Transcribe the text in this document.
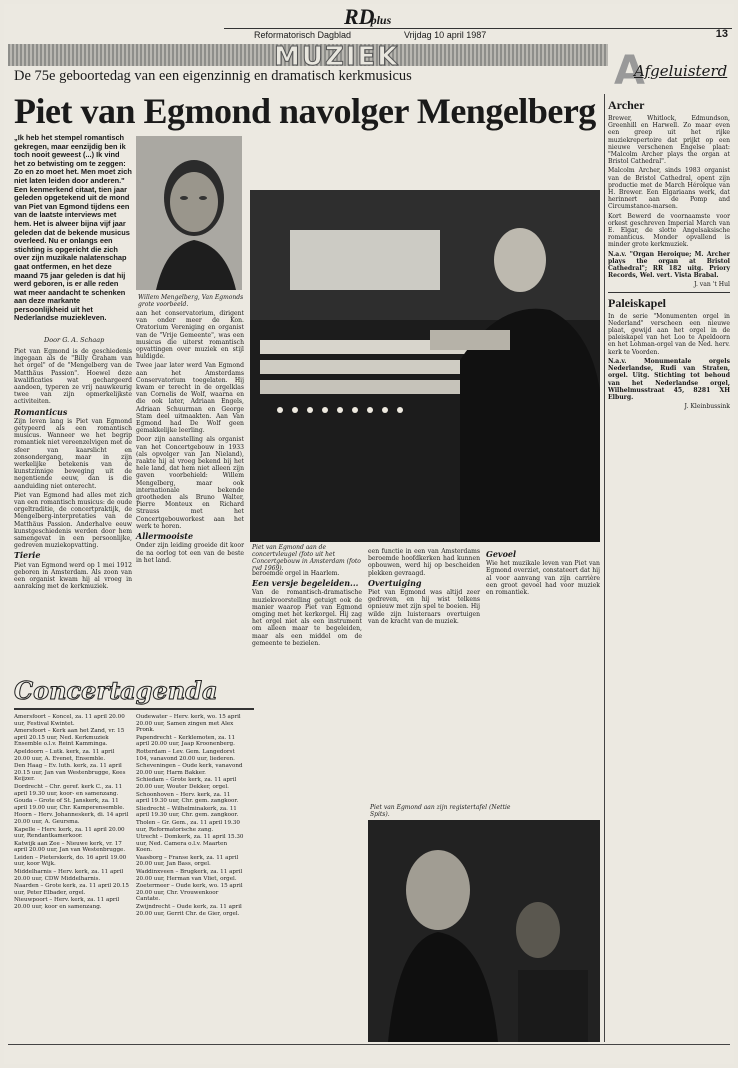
RDplus
Reformatorisch Dagblad	Vrijdag 10 april 1987	13
MUZIEK	A
Afgeluisterd
De 75e geboortedag van een eigenzinnig en dramatisch kerkmusicus
Piet van Egmond navolger Mengelberg
„Ik heb het stempel romantisch gekregen, maar eenzijdig ben ik toch nooit geweest (...) Ik vind het zo betwisting om te zeggen: Zo en zo moet het. Men moet zich niet laten leiden door anderen." Een kenmerkend citaat, tien jaar geleden opgetekend uit de mond van Piet van Egmond tijdens een van de laatste interviews met hem. Het is alweer bijna vijf jaar geleden dat de bekende musicus overleed. Nu er onlangs een stichting is opgericht die zich over zijn muzikale nalatenschap gaat ontfermen, en het deze maand 75 jaar geleden is dat hij werd geboren, is er alle reden wat meer aandacht te schenken aan deze markante persoonlijkheid uit het Nederlandse muziekleven.
Door G. A. Schaap
Willem Mengelberg, Van Egmonds grote voorbeeld.
Piet van Egmond aan de concertvleugel (foto uit het Concertgebouw in Amsterdam (foto rvd 1969).
Piet van Egmond aan zijn registertafel (Nettie Spits).

Piet van Egmond is de geschiedenis ingegaan als de "Billy Graham van het orgel" of de "Mengelberg van de Matthäus Passion". Hoewel deze kwalificaties wat gechargeerd aandoen, typeren ze vrij nauwkeurig twee van zijn opmerkelijkste activiteiten.

Romanticus

Zijn leven lang is Piet van Egmond getypeerd als een romantisch musicus. Wanneer we het begrip romantiek niet vereenzelvigen met de sfeer van kaarslicht en zonsondergang, maar in zijn werkelijke betekenis van de kunstzinnige beweging uit de negentiende eeuw, dan is die aanduiding niet onterecht.

Piet van Egmond had alles met zich van een romantisch musicus: de oude orgeltraditie, de concertpraktijk, de Mengelberg-interpretaties van de Matthäus Passion. Anderhalve eeuw kunstgeschiedenis werden door hem samengevat in een persoonlijke, gedreven muziekopvatting.

Tierie

Piet van Egmond werd op 1 mei 1912 geboren in Amsterdam. Als zoon van een organist kwam hij al vroeg in aanraking met de kerkmuziek.

aan het conservatorium, dirigent van onder meer de Kon. Oratorium Vereniging en organist van de "Vrije Gemeente", was een musicus die uiterst romantisch opvattingen over muziek en stijl huldigde.

Twee jaar later werd Van Egmond aan het Amsterdams Conservatorium toegelaten. Hij kwam er terecht in de orgelklas van Cornelis de Wolf, waarna en die ook later, Adriaan Engels, Adriaan Schuurman en George Stam deel uitmaakten. Aan Van Egmond had De Wolf geen gemakkelijke leerling.

Door zijn aanstelling als organist van het Concertgebouw in 1933 (als opvolger van Jan Nieland), raakte hij al vroeg bekend bij het hele land, dat hem niet alleen zijn gaven voorbehield: Willem Mengelberg, maar ook internationale bekende grootheden als Bruno Walter, Pierre Monteux en Richard Strauss met het Concertgebouworkest aan het werk te horen.

Allermooiste

Onder zijn leiding groeide dit koor de na oorlog tot een van de beste in het land.

beroemde orgel in Haarlem.

Een versje begeleiden...

Van de romantisch-dramatische muziekvoorstelling getuigt ook de manier waarop Piet van Egmond omging met het kerkorgel. Hij zag het orgel niet als een instrument om alleen maar te begeleiden, maar als een middel om de gemeente te bezielen.

een functie in een van Amsterdams beroemde hoofdkerken had kunnen opbouwen, werd hij op bescheiden plekken gevraagd.

Overtuiging

Piet van Egmond was altijd zeer gedreven, en hij wist telkens opnieuw met zijn spel te boeien. Hij wilde zijn luisteraars overtuigen van de kracht van de muziek.

Gevoel

Wie het muzikale leven van Piet van Egmond overziet, constateert dat hij al voor aanvang van zijn carrière een groot gevoel had voor muziek en romantiek.

Concertagenda

Amersfoort – Koncel, za. 11 april 20.00 uur, Festival Kwintet.

Amersfoort – Kerk aan het Zand, vr. 15 april 20.15 uur, Ned. Kerkmuziek Ensemble o.l.v. Reint Kamminga.

Apeldoorn – Lutk. kerk, za. 11 april 20.00 uur, A. Evenet, Ensemble.

Den Haag – Ev. luth. kerk, za. 11 april 20.15 uur, Jan van Westenbrugge, Kees Keijzer.

Dordrecht – Chr. geref. kerk C., za. 11 april 19.30 uur, koor- en samenzang.

Gouda – Grote of St. Janskerk, za. 11 april 19.00 uur, Chr. Kamperensemble.

Hoorn – Herv. Johanneskerk, di. 14 april 20.00 uur, A. Geursma.

Kapelle – Herv. kerk, za. 11 april 20.00 uur, Rendantkamerkoor.

Katwijk aan Zee – Nieuwe kerk, vr. 17 april 20.00 uur, Jan van Westenbrugge.

Leiden – Pieterskerk, do. 16 april 19.00 uur, koor Wijk.

Middelharnis – Herv. kerk, za. 11 april 20.00 uur, CDW Middelharnis.

Naarden – Grote kerk, za. 11 april 20.15 uur, Peter Elbader, orgel.

Nieuwpoort – Herv. kerk, za. 11 april 20.00 uur, koor en samenzang.

Oudewater – Herv. kerk, wo. 15 april 20.00 uur, Samen zingen met Alex Pronk.

Papendrecht – Kerklemoten, za. 11 april 20.00 uur, Jaap Kroonenberg.

Rotterdam – Lev. Gem. Langedorst 104, vanavond 20.00 uur, liederen.

Scheveningen – Oude kerk, vanavond 20.00 uur, Harm Bakker.

Schiedam – Grote kerk, za. 11 april 20.00 uur, Wouter Dekker, orgel.

Schoonhoven – Herv. kerk, za. 11 april 19.30 uur, Chr. gem. zangkoor.

Sliedrecht – Wilhelminakerk, za. 11 april 19.30 uur, Chr. gem. zangkoor.

Tholen – Gr. Gem., za. 11 april 19.30 uur, Reformatorische zang.

Utrecht – Domkerk, za. 11 april 15.30 uur, Ned. Camera o.l.v. Maarten Koen.

Vaasborg – Franse kerk, za. 11 april 20.00 uur, Jan Bass, orgel.

Waddinxveen – Brugkerk, za. 11 april 20.00 uur, Herman van Vliet, orgel.

Zoetermeer – Oude kerk, wo. 15 april 20.00 uur, Chr. Vrouwenkoor Cantate.

Zwijndrecht – Oude kerk, za. 11 april 20.00 uur, Gerrit Chr. de Gier, orgel.

Archer

Brewer, Whitlock, Edmundson, Greenhill en Harwell. Zo maar even een greep uit het rijke muziekrepertoire dat prijkt op een nieuwe verschenen Engelse plaat: "Malcolm Archer plays the organ at Bristol Cathedral".

Malcolm Archer, sinds 1983 organist van de Bristol Cathedral, opent zijn productie met de March Héroïque van H. Brewer. Een Elgariaans werk, dat herinnert aan de Pomp and Circumstance-marsen.

Kort Bewerd de voornaamste voor orkest geschreven Imperial March van E. Elgar, de slotte Angelsaksische romanticus. Monder opvallend is minder grote kerkmuziek.

N.a.v. "Organ Heroique; M. Archer plays the organ at Bristol Cathedral"; RR 182 uitg. Priory Records, Wel. vert. Vista Brabal.

J. van 't Hul

Paleiskapel

In de serie "Monumenten orgel in Nederland" verscheen een nieuwe plaat, gewijd aan het orgel in de paleiskapel van het Loo te Apeldoorn en het Lohman-orgel van de Ned. herv. kerk te Voorden.

N.a.v. Monumentale orgels Nederlandse, Rudi van Straten, orgel. Uitg. Stichting tot behoud van het Nederlandse orgel, Wilhelmusstraat 45, 8281 XH Elburg.

J. Kleinbussink
